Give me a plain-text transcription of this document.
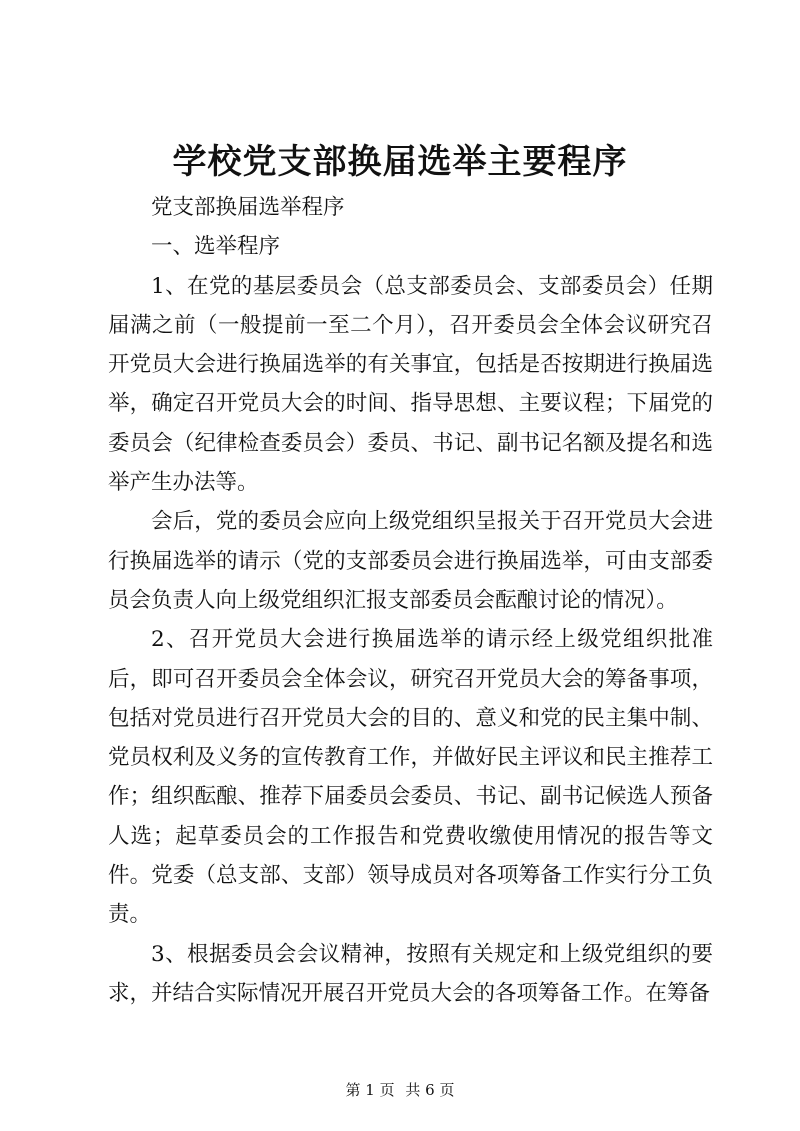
学校党支部换届选举主要程序

党支部换届选举程序

一、选举程序

1、在党的基层委员会（总支部委员会、支部委员会）任期届满之前（一般提前一至二个月），召开委员会全体会议研究召开党员大会进行换届选举的有关事宜，包括是否按期进行换届选举，确定召开党员大会的时间、指导思想、主要议程；下届党的委员会（纪律检查委员会）委员、书记、副书记名额及提名和选举产生办法等。

会后，党的委员会应向上级党组织呈报关于召开党员大会进行换届选举的请示（党的支部委员会进行换届选举，可由支部委员会负责人向上级党组织汇报支部委员会酝酿讨论的情况）。

2、召开党员大会进行换届选举的请示经上级党组织批准后，即可召开委员会全体会议，研究召开党员大会的筹备事项，包括对党员进行召开党员大会的目的、意义和党的民主集中制、党员权利及义务的宣传教育工作，并做好民主评议和民主推荐工作；组织酝酿、推荐下届委员会委员、书记、副书记候选人预备人选；起草委员会的工作报告和党费收缴使用情况的报告等文件。党委（总支部、支部）领导成员对各项筹备工作实行分工负责。

3、根据委员会会议精神，按照有关规定和上级党组织的要求，并结合实际情况开展召开党员大会的各项筹备工作。在筹备

第 1 页 共 6 页
